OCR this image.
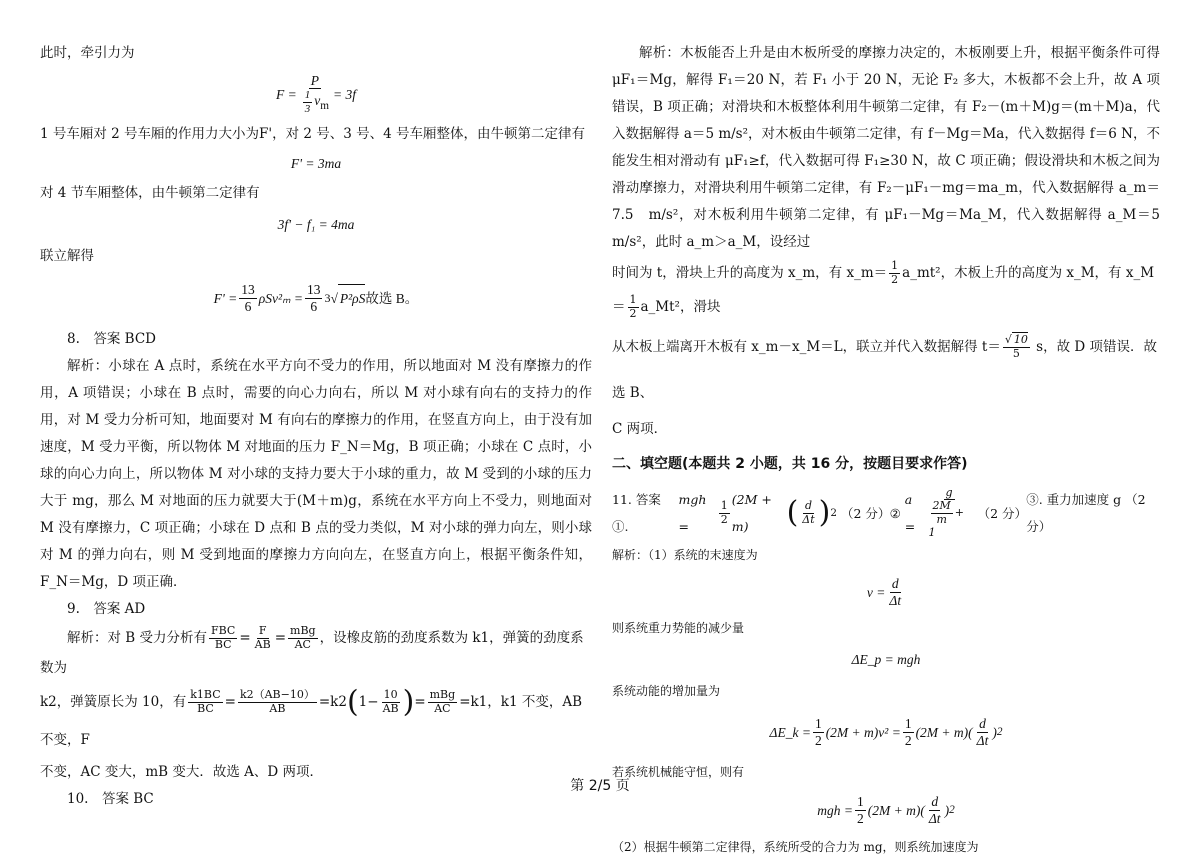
此时，牵引力为

$F = \frac{P}{\frac{1}{3} v_m} = 3f$

1 号车厢对 2 号车厢的作用力大小为F'，对 2 号、3 号、4 号车厢整体，由牛顿第二定律有

F' = 3ma

对 4 节车厢整体，由牛顿第二定律有

3f' − f₁ = 4ma

联立解得

$F' = \frac{13}{6} \rho Sv^2_m = \frac{13}{6} 3$ √ P²ρS 故选 B。

8.　答案 BCD

解析：小球在 A 点时，系统在水平方向不受力的作用，所以地面对 M 没有摩擦力的作用，A 项错误；小球在 B 点时，需要的向心力向右，所以 M 对小球有向右的支持力的作用，对 M 受力分析可知，地面要对 M 有向右的摩擦力的作用，在竖直方向上，由于没有加速度，M 受力平衡，所以物体 M 对地面的压力 F_N＝Mg，B 项正确；小球在 C 点时，小球的向心力向上，所以物体 M 对小球的支持力要大于小球的重力，故 M 受到的小球的压力大于 mg，那么 M 对地面的压力就要大于(M＋m)g，系统在水平方向上不受力，则地面对 M 没有摩擦力，C 项正确；小球在 D 点和 B 点的受力类似，M 对小球的弹力向左，则小球对 M 的弹力向右，则 M 受到地面的摩擦力方向向左，在竖直方向上，根据平衡条件知，F_N＝Mg，D 项正确．

9.　答案 AD

解析：对 B 受力分析有 $\frac{\text{FBC}}{BC} = \frac{F}{AB} = \frac{\text{mBg}}{AC}$ ，设橡皮筋的劲度系数为 k1，弹簧的劲度系数为
k2，弹簧原长为 10，有 $\frac{k1BC}{BC} = \frac{k2(AB-10)}{AB} =k2(1- \frac{10}{AB}$ )= $\frac{\text{mBg}}{AC} =k1$，k1 不变，AB 不变，F

不变，AC 变大，mB 变大．故选 A、D 两项．

10.　答案 BC

解析：木板能否上升是由木板所受的摩擦力决定的，木板刚要上升，根据平衡条件可得 μF₁＝Mg，解得 F₁＝20 N，若 F₁ 小于 20 N，无论 F₂ 多大，木板都不会上升，故 A 项错误，B 项正确；对滑块和木板整体利用牛顿第二定律，有 F₂－(m＋M)g＝(m＋M)a，代入数据解得 a＝5 m/s²，对木板由牛顿第二定律，有 f－Mg＝Ma，代入数据得 f＝6 N，不能发生相对滑动有 μF₁≥f，代入数据可得 F₁≥30 N，故 C 项正确；假设滑块和木板之间为滑动摩擦力，对滑块利用牛顿第二定律，有 F₂－μF₁－mg＝ma_m，代入数据解得 a_m＝7.5　m/s²，对木板利用牛顿第二定律，有 μF₁－Mg＝Ma_M，代入数据解得 a_M＝5　m/s²，此时 a_m＞a_M，设经过

时间为 t，滑块上升的高度为 x_m，有 x_m＝ $\frac{1}{2}$ a_mt²，木板上升的高度为 x_M，有 x_M＝ $\frac{1}{2}$ a_Mt²，滑块
从木板上端离开木板有 x_m－x_M＝L，联立并代入数据解得 $t= \frac{√ 10}{5}$ s，故 D 项错误．故选 B、

C 两项．

二、填空题(本题共 2 小题，共 16 分，按题目要求作答)

11. 答案 ①.

mgh =
$\frac{1}{2}$
(2M + m)	( $\frac{d}{\Delta t}$ ) 2
（2 分）
②

a =	$\frac{g}{\frac{2M}{m} + 1}$
（2 分）

③. 重力加速度 g （2 分）

解析：（1）系统的末速度为

$v = \frac{d}{\Delta t}$

则系统重力势能的减少量

ΔE_p = mgh

系统动能的增加量为

ΔE_k = $\frac{1}{2} (2M + m)v^2 = \frac{1}{2} (2M + m)( \frac{d}{\Delta t}$ ) 2

若系统机械能守恒，则有

mgh = $\frac{1}{2} (2M + m)( \frac{d}{\Delta t}$ ) 2

（2）根据牛顿第二定律得，系统所受的合力为 mg，则系统加速度为

第 2/5 页
